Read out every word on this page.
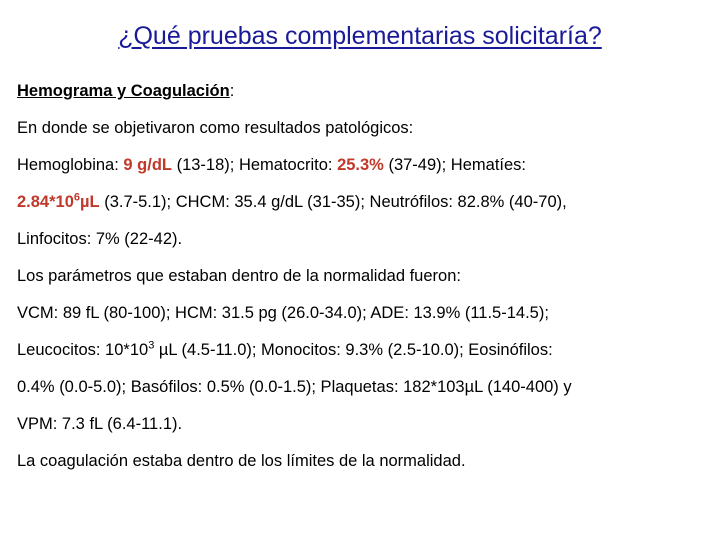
¿Qué pruebas complementarias solicitaría?

Hemograma y Coagulación:

En donde se objetivaron como resultados patológicos:

Hemoglobina: 9 g/dL (13-18); Hematocrito: 25.3% (37-49); Hematíes:

$2.84*10^6\mu L$ (3.7-5.1); CHCM: 35.4 g/dL (31-35); Neutrófilos: 82.8% (40-70),

Linfocitos: 7% (22-42).

Los parámetros que estaban dentro de la normalidad fueron:

VCM: 89 fL (80-100); HCM: 31.5 pg (26.0-34.0); ADE: 13.9% (11.5-14.5);

Leucocitos: $10*10^3$ µL (4.5-11.0); Monocitos: 9.3% (2.5-10.0); Eosinófilos:

0.4% (0.0-5.0); Basófilos: 0.5% (0.0-1.5); Plaquetas: 182*103µL (140-400) y

VPM: 7.3 fL (6.4-11.1).

La coagulación estaba dentro de los límites de la normalidad.
